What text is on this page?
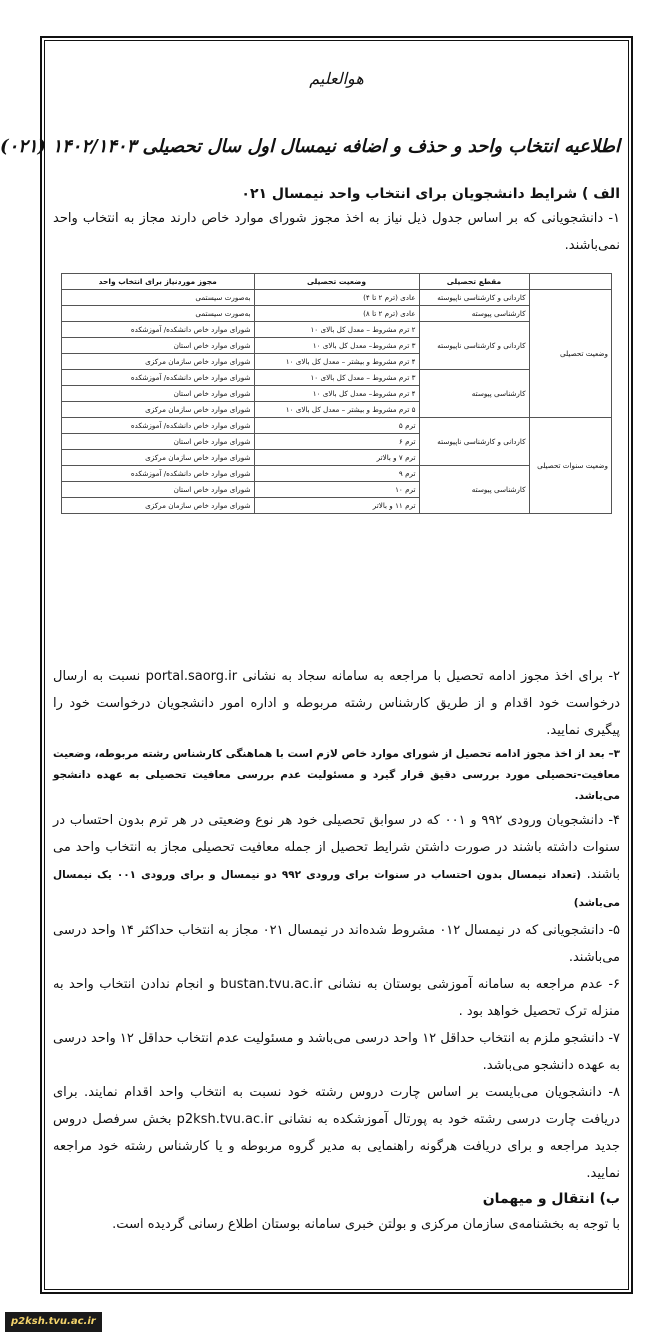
هوالعلیم
اطلاعیه انتخاب واحد و حذف و اضافه نیمسال اول سال تحصیلی ۱۴۰۲/۱۴۰۳ (۰۲۱)
الف ) شرایط دانشجویان برای انتخاب واحد نیمسال ۰۲۱
۱- دانشجویانی که بر اساس جدول ذیل نیاز به اخذ مجوز شورای موارد خاص دارند مجاز به انتخاب واحد نمی‌باشند.
	مقطع تحصیلی	وضعیت تحصیلی	مجوز موردنیاز برای انتخاب واحد
وضعیت تحصیلی	کاردانی و کارشناسی ناپیوسته	عادی (ترم ۲ تا ۴)	به‌صورت سیستمی
	کارشناسی پیوسته	عادی (ترم ۲ تا ۸)	به‌صورت سیستمی
	کاردانی و کارشناسی ناپیوسته	۲ ترم مشروط – معدل کل بالای ۱۰	شورای موارد خاص دانشکده/ آموزشکده
		۳ ترم مشروط– معدل کل بالای ۱۰	شورای موارد خاص استان
		۴ ترم مشروط و بیشتر – معدل کل بالای ۱۰	شورای موارد خاص سازمان مرکزی
	کارشناسی پیوسته	۳ ترم مشروط – معدل کل بالای ۱۰	شورای موارد خاص دانشکده/ آموزشکده
		۴ ترم مشروط– معدل کل بالای ۱۰	شورای موارد خاص استان
		۵ ترم مشروط و بیشتر – معدل کل بالای ۱۰	شورای موارد خاص سازمان مرکزی
وضعیت سنوات تحصیلی	کاردانی و کارشناسی ناپیوسته	ترم ۵	شورای موارد خاص دانشکده/ آموزشکده
		ترم ۶	شورای موارد خاص استان
		ترم ۷ و بالاتر	شورای موارد خاص سازمان مرکزی
	کارشناسی پیوسته	ترم ۹	شورای موارد خاص دانشکده/ آموزشکده
		ترم ۱۰	شورای موارد خاص استان
		ترم ۱۱ و بالاتر	شورای موارد خاص سازمان مرکزی
۲- برای اخذ مجوز ادامه تحصیل با مراجعه به سامانه سجاد به نشانی portal.saorg.ir نسبت به ارسال درخواست خود اقدام و از طریق کارشناس رشته مربوطه و اداره امور دانشجویان درخواست خود را پیگیری نمایید.
۳– بعد از اخذ مجوز ادامه تحصیل از شورای موارد خاص لازم است با هماهنگی کارشناس رشته مربوطه، وضعیت معافیت-تحصیلی مورد بررسی دقیق قرار گیرد و مسئولیت عدم بررسی معافیت تحصیلی به عهده دانشجو می‌باشد.
۴- دانشجویان ورودی ۹۹۲ و ۰۰۱ که در سوابق تحصیلی خود هر نوع وضعیتی در هر ترم بدون احتساب در سنوات داشته باشند در صورت داشتن شرایط تحصیل از جمله معافیت تحصیلی مجاز به انتخاب واحد می باشند. (تعداد نیمسال بدون احتساب در سنوات برای ورودی ۹۹۲ دو نیمسال و برای ورودی ۰۰۱ یک نیمسال می‌باشد)
۵- دانشجویانی که در نیمسال ۰۱۲ مشروط شده‌اند در نیمسال ۰۲۱ مجاز به انتخاب حداکثر ۱۴ واحد درسی می‌باشند.
۶- عدم مراجعه به سامانه آموزشی بوستان به نشانی bustan.tvu.ac.ir و انجام ندادن انتخاب واحد به منزله ترک تحصیل خواهد بود .
۷- دانشجو ملزم به انتخاب حداقل ۱۲ واحد درسی می‌باشد و مسئولیت عدم انتخاب حداقل ۱۲ واحد درسی به عهده دانشجو می‌باشد.
۸- دانشجویان می‌بایست بر اساس چارت دروس رشته خود نسبت به انتخاب واحد اقدام نمایند. برای دریافت چارت درسی رشته خود به پورتال آموزشکده به نشانی p2ksh.tvu.ac.ir بخش سرفصل دروس جدید مراجعه و برای دریافت هرگونه راهنمایی به مدیر گروه مربوطه و یا کارشناس رشته خود مراجعه نمایید.
ب) انتقال و میهمان
با توجه به بخشنامه‌ی سازمان مرکزی و بولتن خبری سامانه بوستان اطلاع رسانی گردیده است.
p2ksh.tvu.ac.ir
